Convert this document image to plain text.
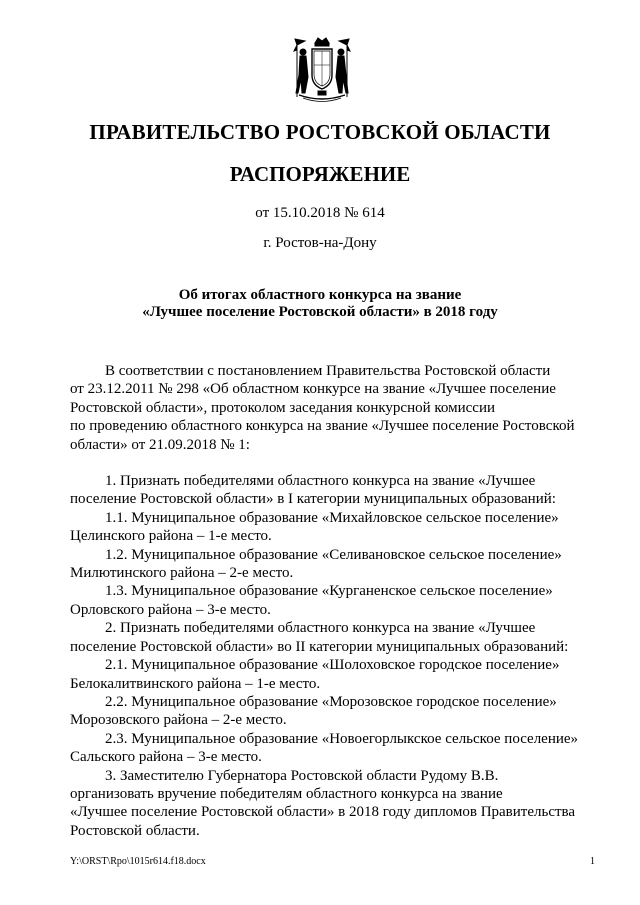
ПРАВИТЕЛЬСТВО РОСТОВСКОЙ ОБЛАСТИ
РАСПОРЯЖЕНИЕ

от 15.10.2018 № 614

г. Ростов-на-Дону

Об итогах областного конкурса на звание
«Лучшее поселение Ростовской области» в 2018 году

В соответствии с постановлением Правительства Ростовской области

от 23.12.2011 № 298 «Об областном конкурсе на звание «Лучшее поселение

Ростовской области», протоколом заседания конкурсной комиссии

по проведению областного конкурса на звание «Лучшее поселение Ростовской

области» от 21.09.2018 № 1:

1. Признать победителями областного конкурса на звание «Лучшее

поселение Ростовской области» в I категории муниципальных образований:

1.1. Муниципальное образование «Михайловское сельское поселение»

Целинского района – 1-е место.

1.2. Муниципальное образование «Селивановское сельское поселение»

Милютинского района – 2-е место.

1.3. Муниципальное образование «Курганенское сельское поселение»

Орловского района – 3-е место.

2. Признать победителями областного конкурса на звание «Лучшее

поселение Ростовской области» во II категории муниципальных образований:

2.1. Муниципальное образование «Шолоховское городское поселение»

Белокалитвинского района – 1-е место.

2.2. Муниципальное образование «Морозовское городское поселение»

Морозовского района – 2-е место.

2.3. Муниципальное образование «Новоегорлыкское сельское поселение»

Сальского района – 3-е место.

3. Заместителю Губернатора Ростовской области Рудому В.В.

организовать вручение победителям областного конкурса на звание

«Лучшее поселение Ростовской области» в 2018 году дипломов Правительства

Ростовской области.

Y:\ORST\Rpo\1015r614.f18.docx	1
